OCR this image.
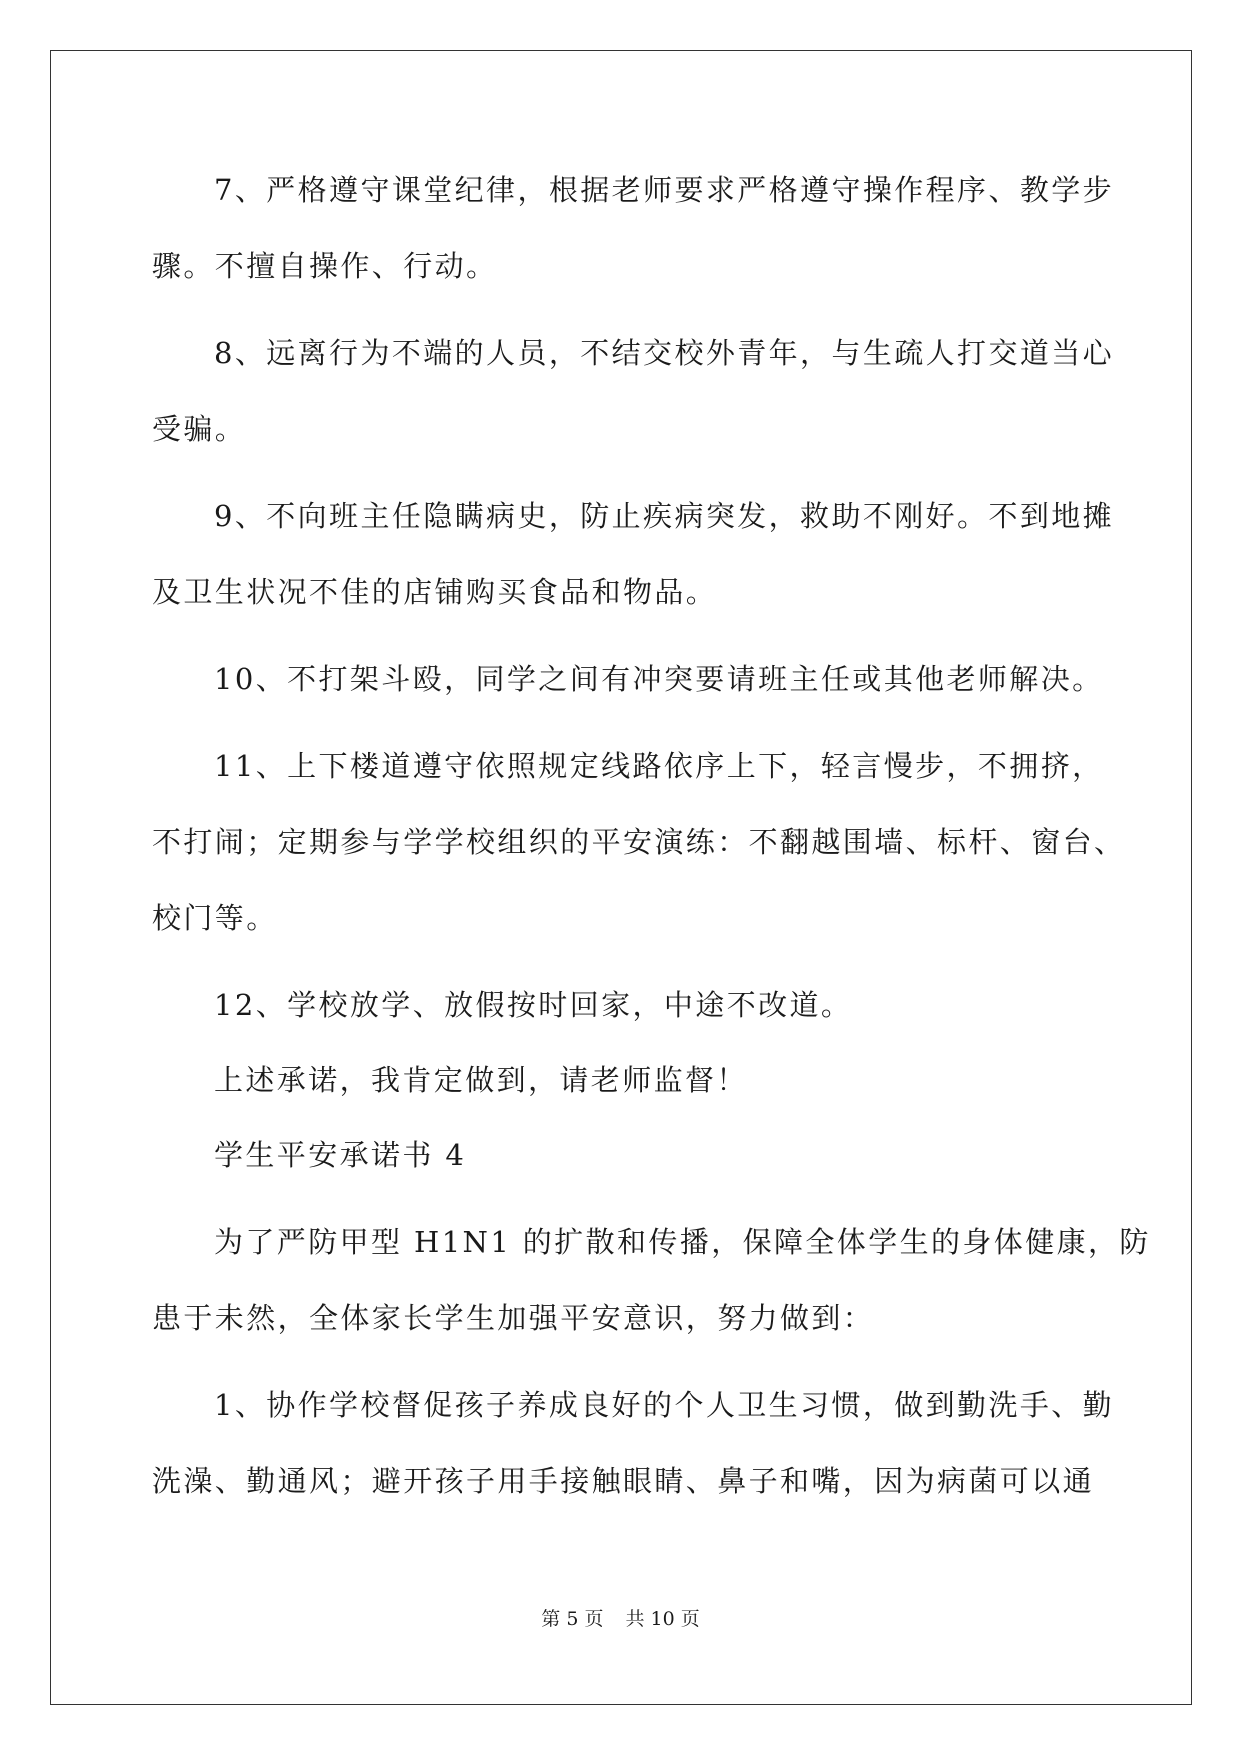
7、严格遵守课堂纪律，根据老师要求严格遵守操作程序、教学步
骤。不擅自操作、行动。
8、远离行为不端的人员，不结交校外青年，与生疏人打交道当心
受骗。
9、不向班主任隐瞒病史，防止疾病突发，救助不刚好。不到地摊
及卫生状况不佳的店铺购买食品和物品。
10、不打架斗殴，同学之间有冲突要请班主任或其他老师解决。
11、上下楼道遵守依照规定线路依序上下，轻言慢步，不拥挤，
不打闹；定期参与学学校组织的平安演练：不翻越围墙、标杆、窗台、
校门等。
12、学校放学、放假按时回家，中途不改道。
上述承诺，我肯定做到，请老师监督！
学生平安承诺书 4
为了严防甲型 H1N1 的扩散和传播，保障全体学生的身体健康，防
患于未然，全体家长学生加强平安意识，努力做到：
1、协作学校督促孩子养成良好的个人卫生习惯，做到勤洗手、勤
洗澡、勤通风；避开孩子用手接触眼睛、鼻子和嘴，因为病菌可以通
第 5 页 共 10 页
